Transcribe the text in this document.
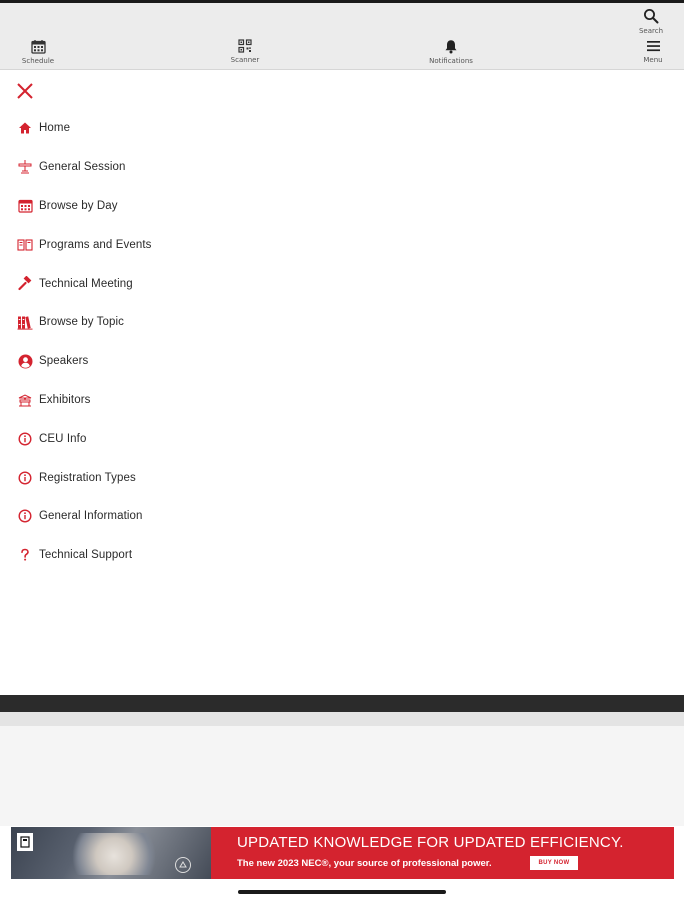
Search
Schedule	Scanner	Notifications	Menu
Home
General Session
Browse by Day
Programs and Events
Technical Meeting
Browse by Topic
Speakers
Exhibitors
CEU Info
Registration Types
General Information
Technical Support
UPDATED KNOWLEDGE FOR UPDATED EFFICIENCY.
The new 2023 NEC®, your source of professional power.	BUY NOW
